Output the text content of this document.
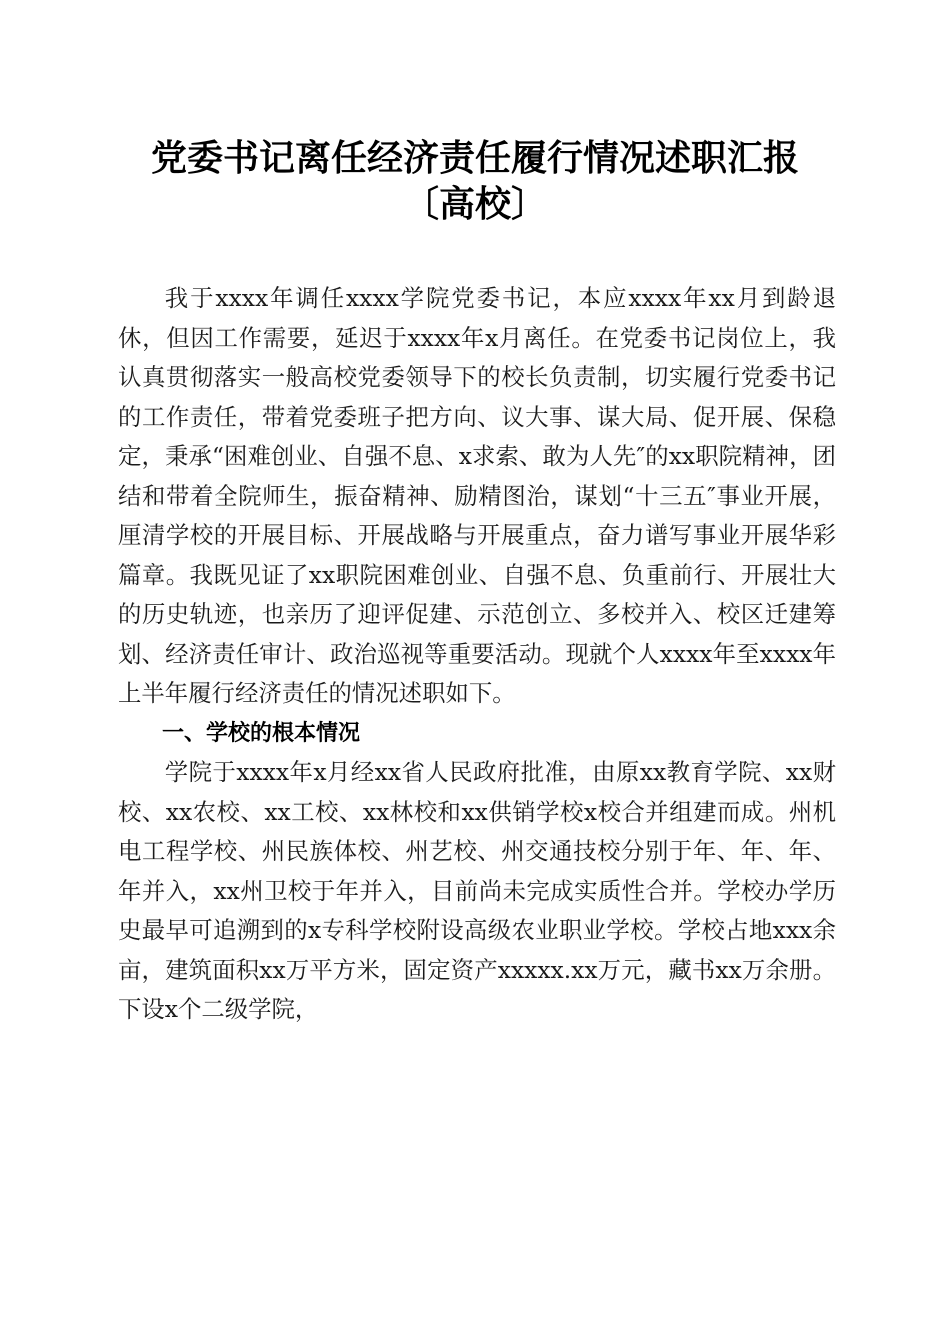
党委书记离任经济责任履行情况述职汇报〔高校〕

我于xxxx年调任xxxx学院党委书记，本应xxxx年xx月到龄退休，但因工作需要，延迟于xxxx年x月离任。在党委书记岗位上，我认真贯彻落实一般高校党委领导下的校长负责制，切实履行党委书记的工作责任，带着党委班子把方向、议大事、谋大局、促开展、保稳定，秉承“困难创业、自强不息、x求索、敢为人先″的xx职院精神，团结和带着全院师生，振奋精神、励精图治，谋划“十三五″事业开展，厘清学校的开展目标、开展战略与开展重点，奋力谱写事业开展华彩篇章。我既见证了xx职院困难创业、自强不息、负重前行、开展壮大的历史轨迹，也亲历了迎评促建、示范创立、多校并入、校区迁建筹划、经济责任审计、政治巡视等重要活动。现就个人xxxx年至xxxx年上半年履行经济责任的情况述职如下。

一、学校的根本情况

学院于xxxx年x月经xx省人民政府批准，由原xx教育学院、xx财校、xx农校、xx工校、xx林校和xx供销学校x校合并组建而成。州机电工程学校、州民族体校、州艺校、州交通技校分别于年、年、年、年并入，xx州卫校于年并入，目前尚未完成实质性合并。学校办学历史最早可追溯到的x专科学校附设高级农业职业学校。学校占地xxx余亩，建筑面积xx万平方米，固定资产xxxxx.xx万元，藏书xx万余册。下设x个二级学院，
